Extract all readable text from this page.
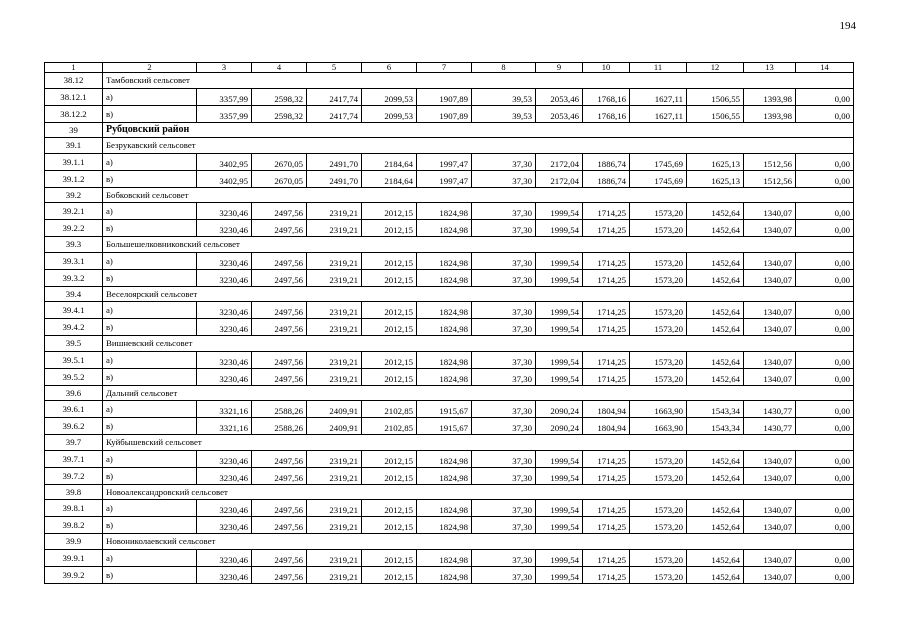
194
1	2	3	4	5	6	7	8	9	10	11	12	13	14
38.12	Тамбовский сельсовет												
38.12.1	а)	3357,99	2598,32	2417,74	2099,53	1907,89	39,53	2053,46	1768,16	1627,11	1506,55	1393,98	0,00
38.12.2	в)	3357,99	2598,32	2417,74	2099,53	1907,89	39,53	2053,46	1768,16	1627,11	1506,55	1393,98	0,00
39	Рубцовский район												
39.1	Безрукавский сельсовет												
39.1.1	а)	3402,95	2670,05	2491,70	2184,64	1997,47	37,30	2172,04	1886,74	1745,69	1625,13	1512,56	0,00
39.1.2	в)	3402,95	2670,05	2491,70	2184,64	1997,47	37,30	2172,04	1886,74	1745,69	1625,13	1512,56	0,00
39.2	Бобковский сельсовет												
39.2.1	а)	3230,46	2497,56	2319,21	2012,15	1824,98	37,30	1999,54	1714,25	1573,20	1452,64	1340,07	0,00
39.2.2	в)	3230,46	2497,56	2319,21	2012,15	1824,98	37,30	1999,54	1714,25	1573,20	1452,64	1340,07	0,00
39.3	Большешелковниковский сельсовет												
39.3.1	а)	3230,46	2497,56	2319,21	2012,15	1824,98	37,30	1999,54	1714,25	1573,20	1452,64	1340,07	0,00
39.3.2	в)	3230,46	2497,56	2319,21	2012,15	1824,98	37,30	1999,54	1714,25	1573,20	1452,64	1340,07	0,00
39.4	Веселоярский сельсовет												
39.4.1	а)	3230,46	2497,56	2319,21	2012,15	1824,98	37,30	1999,54	1714,25	1573,20	1452,64	1340,07	0,00
39.4.2	в)	3230,46	2497,56	2319,21	2012,15	1824,98	37,30	1999,54	1714,25	1573,20	1452,64	1340,07	0,00
39.5	Вишневский сельсовет												
39.5.1	а)	3230,46	2497,56	2319,21	2012,15	1824,98	37,30	1999,54	1714,25	1573,20	1452,64	1340,07	0,00
39.5.2	в)	3230,46	2497,56	2319,21	2012,15	1824,98	37,30	1999,54	1714,25	1573,20	1452,64	1340,07	0,00
39.6	Дальний сельсовет												
39.6.1	а)	3321,16	2588,26	2409,91	2102,85	1915,67	37,30	2090,24	1804,94	1663,90	1543,34	1430,77	0,00
39.6.2	в)	3321,16	2588,26	2409,91	2102,85	1915,67	37,30	2090,24	1804,94	1663,90	1543,34	1430,77	0,00
39.7	Куйбышевский сельсовет												
39.7.1	а)	3230,46	2497,56	2319,21	2012,15	1824,98	37,30	1999,54	1714,25	1573,20	1452,64	1340,07	0,00
39.7.2	в)	3230,46	2497,56	2319,21	2012,15	1824,98	37,30	1999,54	1714,25	1573,20	1452,64	1340,07	0,00
39.8	Новоалександровский сельсовет												
39.8.1	а)	3230,46	2497,56	2319,21	2012,15	1824,98	37,30	1999,54	1714,25	1573,20	1452,64	1340,07	0,00
39.8.2	в)	3230,46	2497,56	2319,21	2012,15	1824,98	37,30	1999,54	1714,25	1573,20	1452,64	1340,07	0,00
39.9	Новониколаевский сельсовет												
39.9.1	а)	3230,46	2497,56	2319,21	2012,15	1824,98	37,30	1999,54	1714,25	1573,20	1452,64	1340,07	0,00
39.9.2	в)	3230,46	2497,56	2319,21	2012,15	1824,98	37,30	1999,54	1714,25	1573,20	1452,64	1340,07	0,00
